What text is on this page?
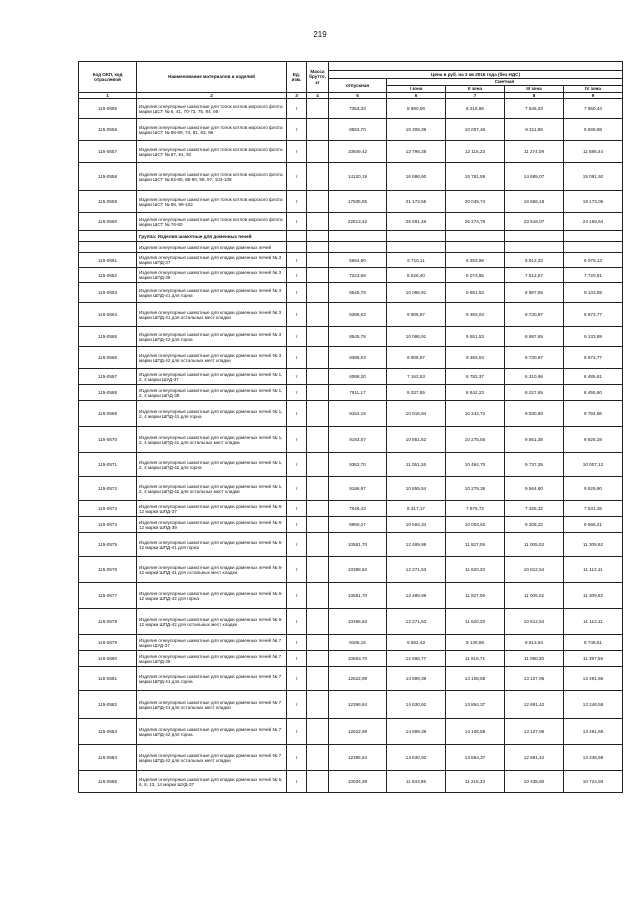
219
Код ОКП, код отраслевой	Наименование материалов и изделий	Ед. изм.	Масса брутто, кг					
				Цена в руб. на 2 кв 2016 года (без НДС)				
				отпускная	Сметная			
					I зона	II зона	III зона	IV зона
1	2	3	4	5	6	7	8	9
115-0555	Изделия огнеупорные шамотные для топок котлов морского флота марки ШСТ № 6, 41, 70-73, 75, 94, 95	т		7354,33	8 680,59	8 218,86	7 645,53	7 850,44
115-0556	Изделия огнеупорные шамотные для топок котлов морского флота марки ШСТ № 86-89, 74, 81, 83, 96	т		8553,70	10 308,39	10 007,46	9 311,89	9 569,88
115-0557	Изделия огнеупорные шамотные для топок котлов морского флота марки ШСТ № 87, 91, 92	т		10849,42	12 796,38	12 116,23	11 274,09	11 586,44
115-0558	Изделия огнеупорные шамотные для топок котлов морского флота марки ШСТ № 82-85, 88-90, 98, 97, 103-108	т		14120,19	16 686,60	15 781,59	14 685,07	15 091,92
115-0559	Изделия огнеупорные шамотные для топок котлов морского флота марки ШСТ № 86, 99-102	т		17935,55	21 173,55	20 049,74	18 656,18	19 173,06
115-0560	Изделия огнеупорные шамотные для топок котлов морского флота марки ШСТ № 76-80	т		22613,42	26 691,46	25 274,79	23 518,07	24 169,64
	Группа: Изделия шамотные для доменных печей							
	Изделия огнеупорные шамотные для кладки доменных печей							
115-0561	Изделия огнеупорные шамотные для кладки доменных печей № 3 марки ШПД-37	т		5684,90	6 710,11	6 353,96	5 912,33	6 076,13
115-0562	Изделия огнеупорные шамотные для кладки доменных печей № 3 марки ШПД-39	т		7223,69	8 526,40	8 073,85	7 512,67	7 720,81
115-0563	Изделия огнеупорные шамотные для кладки доменных печей № 3 марки ШПД-41 для горна	т		8545,78	10 086,91	9 551,53	8 887,65	9 133,89
115-0564	Изделия огнеупорные шамотные для кладки доменных печей № 3 марки ШПД-41 для остальных мест кладки	т		8395,03	9 908,97	9 383,04	8 730,87	8 972,77
115-0565	Изделия огнеупорные шамотные для кладки доменных печей № 3 марки ШПД-42 для горна	т		8545,78	10 086,91	9 551,53	8 887,65	9 133,89
115-0566	Изделия огнеупорные шамотные для кладки доменных печей № 3 марки ШПД-42 для остальных мест кладки	т		8395,03	9 908,97	9 383,04	8 730,87	8 972,77
115-0567	Изделия огнеупорные шамотные для кладки доменных печей № 1, 2, 4 марки ШУД-37	т		6068,20	7 162,53	6 782,37	6 310,96	6 485,81
115-0568	Изделия огнеупорные шамотные для кладки доменных печей № 1, 2, 4 марки ШПД-39	т		7911,17	9 337,85	8 842,23	8 227,65	8 455,60
115-0569	Изделия огнеупорные шамотные для кладки доменных печей № 1, 2, 4 марки ШПД-41 для горна	т		9154,19	10 816,94	10 242,72	9 530,80	9 794,86
115-0570	Изделия огнеупорные шамотные для кладки доменных печей № 1, 2, 4 марки ШПД-41 для остальных мест кладки	т		9193,57	10 851,52	10 275,56	9 561,38	9 826,28
115-0571	Изделия огнеупорные шамотные для кладки доменных печей № 1, 2, 4 марки ШПД-42 для горна	т		9362,70	11 051,26	10 464,70	9 737,35	10 007,12
115-0572	Изделия огнеупорные шамотные для кладки доменных печей № 1, 2, 4 марки ШПД-42 для остальных мест кладки	т		9196,97	10 855,54	10 279,36	9 564,90	9 829,90
115-0573	Изделия огнеупорные шамотные для кладки доменных печей № 6-12 марки ШПД-37	т		7046,43	8 317,17	7 875,72	7 328,32	7 531,35
115-0574	Изделия огнеупорные шамотные для кладки доменных печей № 6-12 марки ШПД-39	т		8950,27	10 564,34	10 003,62	9 308,22	9 566,21
115-0575	Изделия огнеупорные шамотные для кладки доменных печей № 6-12 марки ШПД-41 для горна	т		10581,70	12 489,99	11 827,06	11 005,02	11 309,92
115-0576	Изделия огнеупорные шамотные для кладки доменных печей № 6-12 марки ШПД-41 для остальных мест кладки	т		10398,62	12 271,53	11 620,20	10 812,54	11 112,11
115-0577	Изделия огнеупорные шамотные для кладки доменных печей № 6-12 марки ШПД-42 для горна	т		10581,70	12 489,99	11 827,06	11 005,02	11 309,92
115-0578	Изделия огнеупорные шамотные для кладки доменных печей № 6-12 марки ШПД-42 для остальных мест кладки	т		10396,62	12 271,53	11 620,20	10 812,54	11 112,11
115-0579	Изделия огнеупорные шамотные для кладки доменных печей № 7 марки ШУД-37	т		8186,15	9 662,43	9 149,58	8 513,64	8 749,51
115-0580	Изделия огнеупорные шамотные для кладки доменных печей № 7 марки ШПД-39	т		10663,70	12 586,77	11 918,71	11 090,30	11 397,56
115-0581	Изделия огнеупорные шамотные для кладки доменных печей № 7 марки ШПД-41 для горна	т		12622,99	14 899,39	14 108,58	13 127,96	13 491,66
115-0582	Изделия огнеупорные шамотные для кладки доменных печей № 7 марки ШПД-41 для остальных мест кладки	т		12396,64	14 630,92	13 854,37	12 891,42	13 248,58
115-0583	Изделия огнеупорные шамотные для кладки доменных печей № 7 марки ШПД-42 для горна	т		12622,99	14 899,39	14 108,58	13 127,96	13 491,66
115-0584	Изделия огнеупорные шамотные для кладки доменных печей № 7 марки ШПД-42 для остальных мест кладки	т		12395,64	14 630,92	13 854,37	12 891,42	13 248,58
115-0585	Изделия огнеупорные шамотные для кладки доменных печей № 5, 6, 8, 13, 14 марки ШУД-37	т		10034,39	11 843,96	11 215,33	10 435,80	10 724,93
